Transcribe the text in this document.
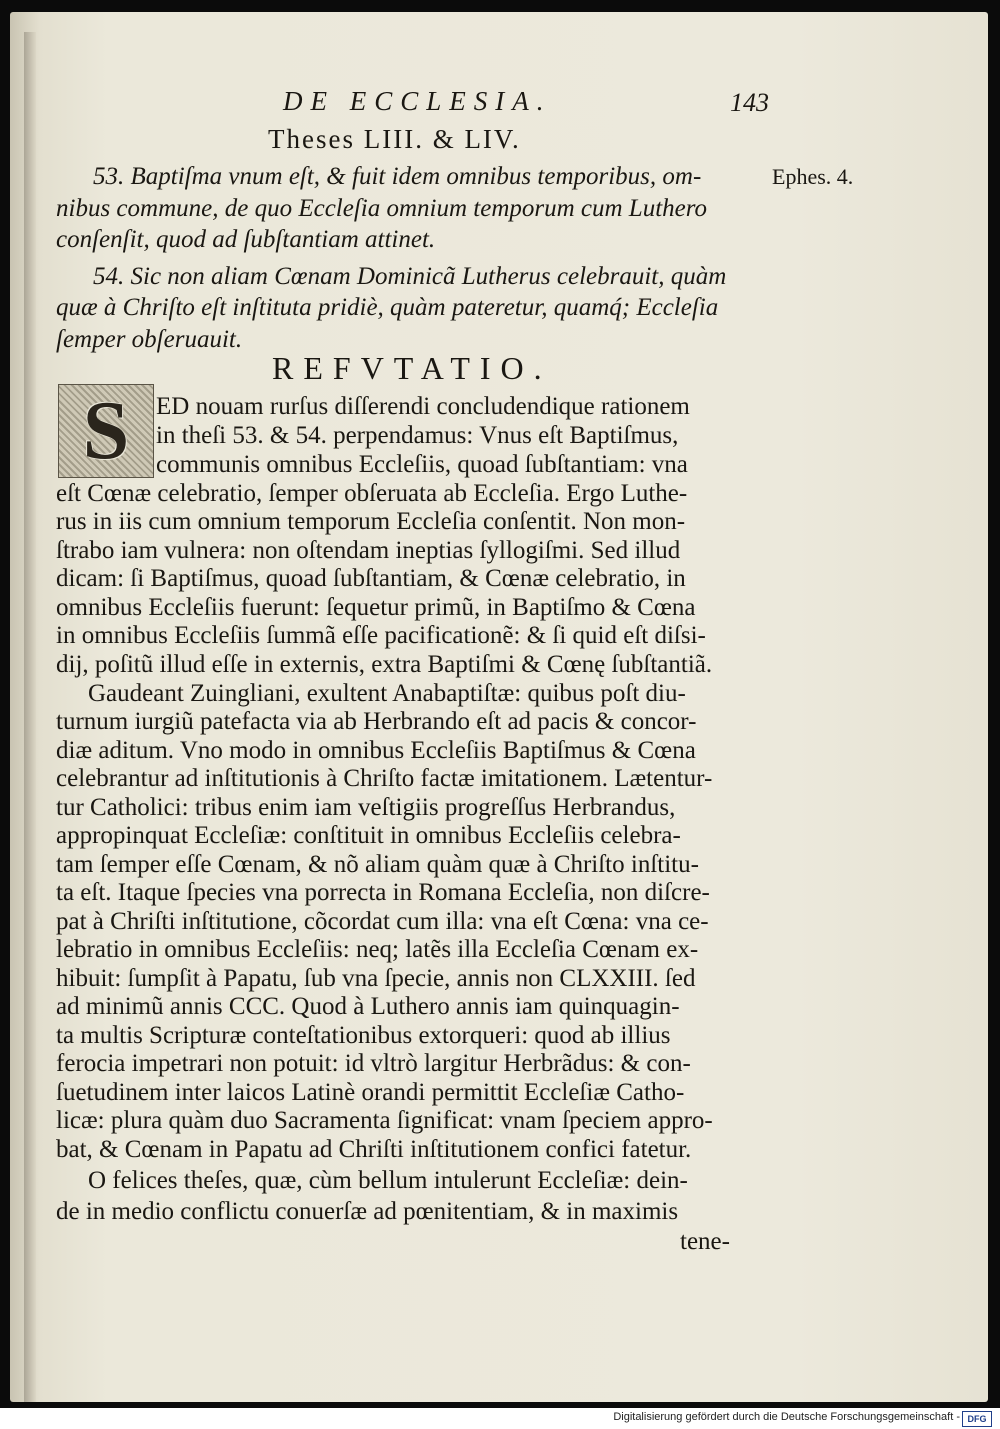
DE ECCLESIA.	143
Theses LIII. & LIV.
Ephes. 4.
53. Baptiſma vnum eſt, & fuit idem omnibus temporibus, om-
nibus commune, de quo Eccleſia omnium temporum cum Luthero
conſenſit, quod ad ſubſtantiam attinet.
54. Sic non aliam Cœnam Dominicã Lutherus celebrauit, quàm
quæ à Chriſto eſt inſtituta pridiè, quàm pateretur, quamq́; Eccleſia
ſemper obſeruauit.
REFVTATIO.
S ED nouam rurſus diſſerendi concludendique rationem
in theſi 53. & 54. perpendamus: Vnus eſt Baptiſmus,
communis omnibus Eccleſiis, quoad ſubſtantiam: vna
eſt Cœnæ celebratio, ſemper obſeruata ab Eccleſia. Ergo Luthe-
rus in iis cum omnium temporum Eccleſia conſentit. Non mon-
ſtrabo iam vulnera: non oſtendam ineptias ſyllogiſmi. Sed illud
dicam: ſi Baptiſmus, quoad ſubſtantiam, & Cœnæ celebratio, in
omnibus Eccleſiis fuerunt: ſequetur primũ, in Baptiſmo & Cœna
in omnibus Eccleſiis ſummã eſſe pacificationẽ: & ſi quid eſt diſsi-
dij, poſitũ illud eſſe in externis, extra Baptiſmi & Cœnę ſubſtantiã.
Gaudeant Zuingliani, exultent Anabaptiſtæ: quibus poſt diu-
turnum iurgiũ patefacta via ab Herbrando eſt ad pacis & concor-
diæ aditum. Vno modo in omnibus Eccleſiis Baptiſmus & Cœna
celebrantur ad inſtitutionis à Chriſto factæ imitationem. Lætentur-
tur Catholici: tribus enim iam veſtigiis progreſſus Herbrandus,
appropinquat Eccleſiæ: conſtituit in omnibus Eccleſiis celebra-
tam ſemper eſſe Cœnam, & nõ aliam quàm quæ à Chriſto inſtitu-
ta eſt. Itaque ſpecies vna porrecta in Romana Eccleſia, non diſcre-
pat à Chriſti inſtitutione, cõcordat cum illa: vna eſt Cœna: vna ce-
lebratio in omnibus Eccleſiis: neq; latẽs illa Eccleſia Cœnam ex-
hibuit: ſumpſit à Papatu, ſub vna ſpecie, annis non CLXXIII. ſed
ad minimũ annis CCC. Quod à Luthero annis iam quinquagin-
ta multis Scripturæ conteſtationibus extorqueri: quod ab illius
ferocia impetrari non potuit: id vltrò largitur Herbrãdus: & con-
ſuetudinem inter laicos Latinè orandi permittit Eccleſiæ Catho-
licæ: plura quàm duo Sacramenta ſignificat: vnam ſpeciem appro-
bat, & Cœnam in Papatu ad Chriſti inſtitutionem confici fatetur.
O felices theſes, quæ, cùm bellum intulerunt Eccleſiæ: dein-
de in medio conflictu conuerſæ ad pœnitentiam, & in maximis
tene-
Digitalisierung gefördert durch die Deutsche Forschungsgemeinschaft - DFG
